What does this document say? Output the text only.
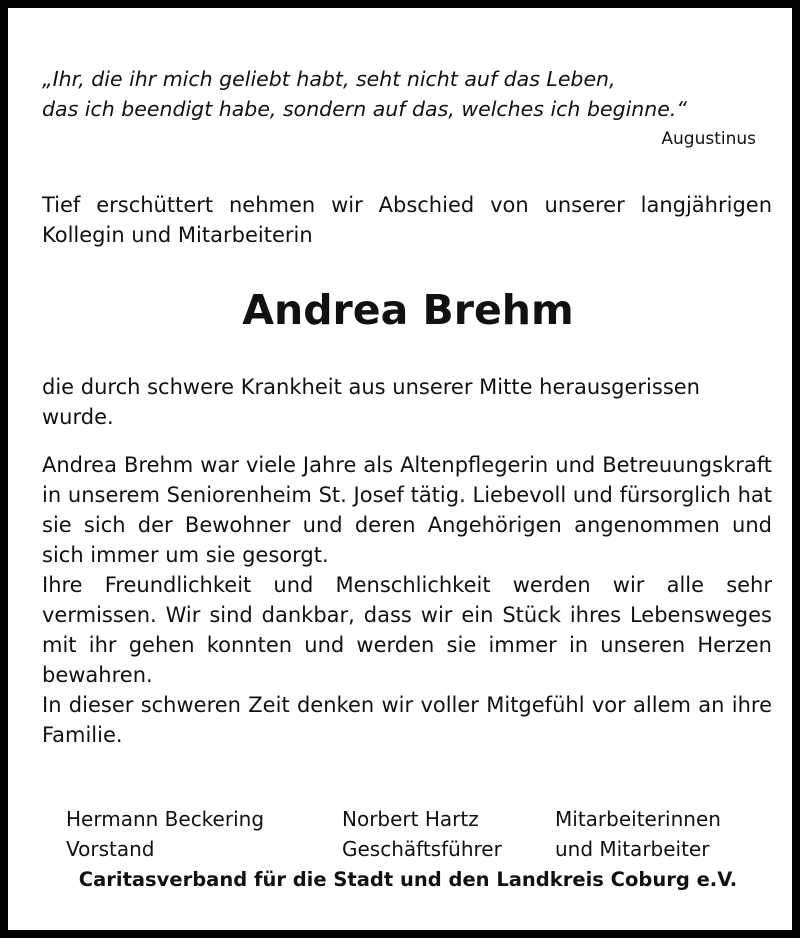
„Ihr, die ihr mich geliebt habt, seht nicht auf das Leben,
das ich beendigt habe, sondern auf das, welches ich beginne.“
Augustinus
Tief erschüttert nehmen wir Abschied von unserer langjährigen Kollegin und Mitarbeiterin
Andrea Brehm
die durch schwere Krankheit aus unserer Mitte herausgerissen wurde.

Andrea Brehm war viele Jahre als Altenpflegerin und Betreuungskraft in unserem Seniorenheim St. Josef tätig. Liebevoll und fürsorglich hat sie sich der Bewohner und deren Angehörigen angenommen und sich immer um sie gesorgt.

Ihre Freundlichkeit und Menschlichkeit werden wir alle sehr vermissen. Wir sind dankbar, dass wir ein Stück ihres Lebensweges mit ihr gehen konnten und werden sie immer in unseren Herzen bewahren.

In dieser schweren Zeit denken wir voller Mitgefühl vor allem an ihre Familie.

Hermann Beckering
Vorstand
Norbert Hartz
Geschäftsführer
Mitarbeiterinnen
und Mitarbeiter
Caritasverband für die Stadt und den Landkreis Coburg e.V.
